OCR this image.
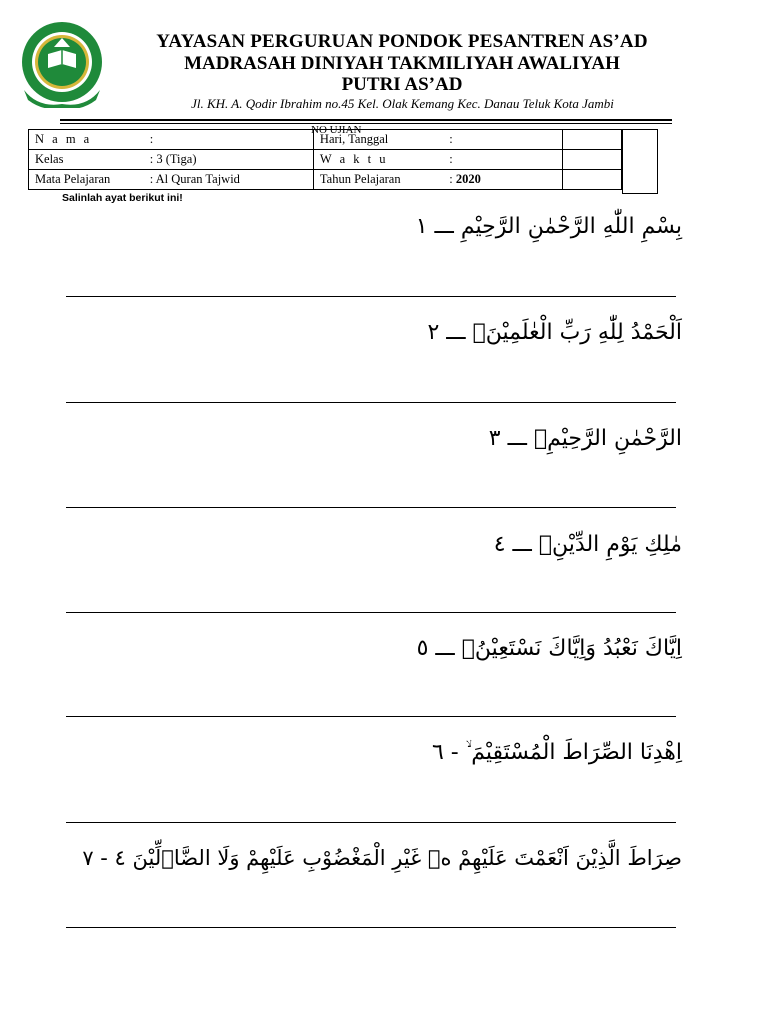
YAYASAN PERGURUAN PONDOK PESANTREN AS’AD
MADRASAH DINIYAH TAKMILIYAH AWALIYAH
PUTRI AS’AD
Jl. KH. A. Qodir Ibrahim no.45 Kel. Olak Kemang Kec. Danau Teluk Kota Jambi
NO UJIAN
N a m a	:	Hari, Tanggal	:	
Kelas	: 3 (Tiga)	W a k t u	:	
Mata Pelajaran	: Al Quran Tajwid	Tahun Pelajaran	: 2020	
Salinlah ayat berikut ini!
بِسْمِ اللّٰهِ الرَّحْمٰنِ الرَّحِيْمِ ـــ ١
اَلْحَمْدُ لِلّٰهِ رَبِّ الْعٰلَمِيْنَۙ ـــ ٢
الرَّحْمٰنِ الرَّحِيْمِۙ ـــ ٣
مٰلِكِ يَوْمِ الدِّيْنِۗ ـــ ٤
اِيَّاكَ نَعْبُدُ وَاِيَّاكَ نَسْتَعِيْنُۗ ـــ ٥
اِهْدِنَا الصِّرَاطَ الْمُسْتَقِيْمَ ۙ - ٦
صِرَاطَ الَّذِيْنَ اَنْعَمْتَ عَلَيْهِمْ ەۙ غَيْرِ الْمَغْضُوْبِ عَلَيْهِمْ وَلَا الضَّاۤلِّيْنَ ٤ - ٧
